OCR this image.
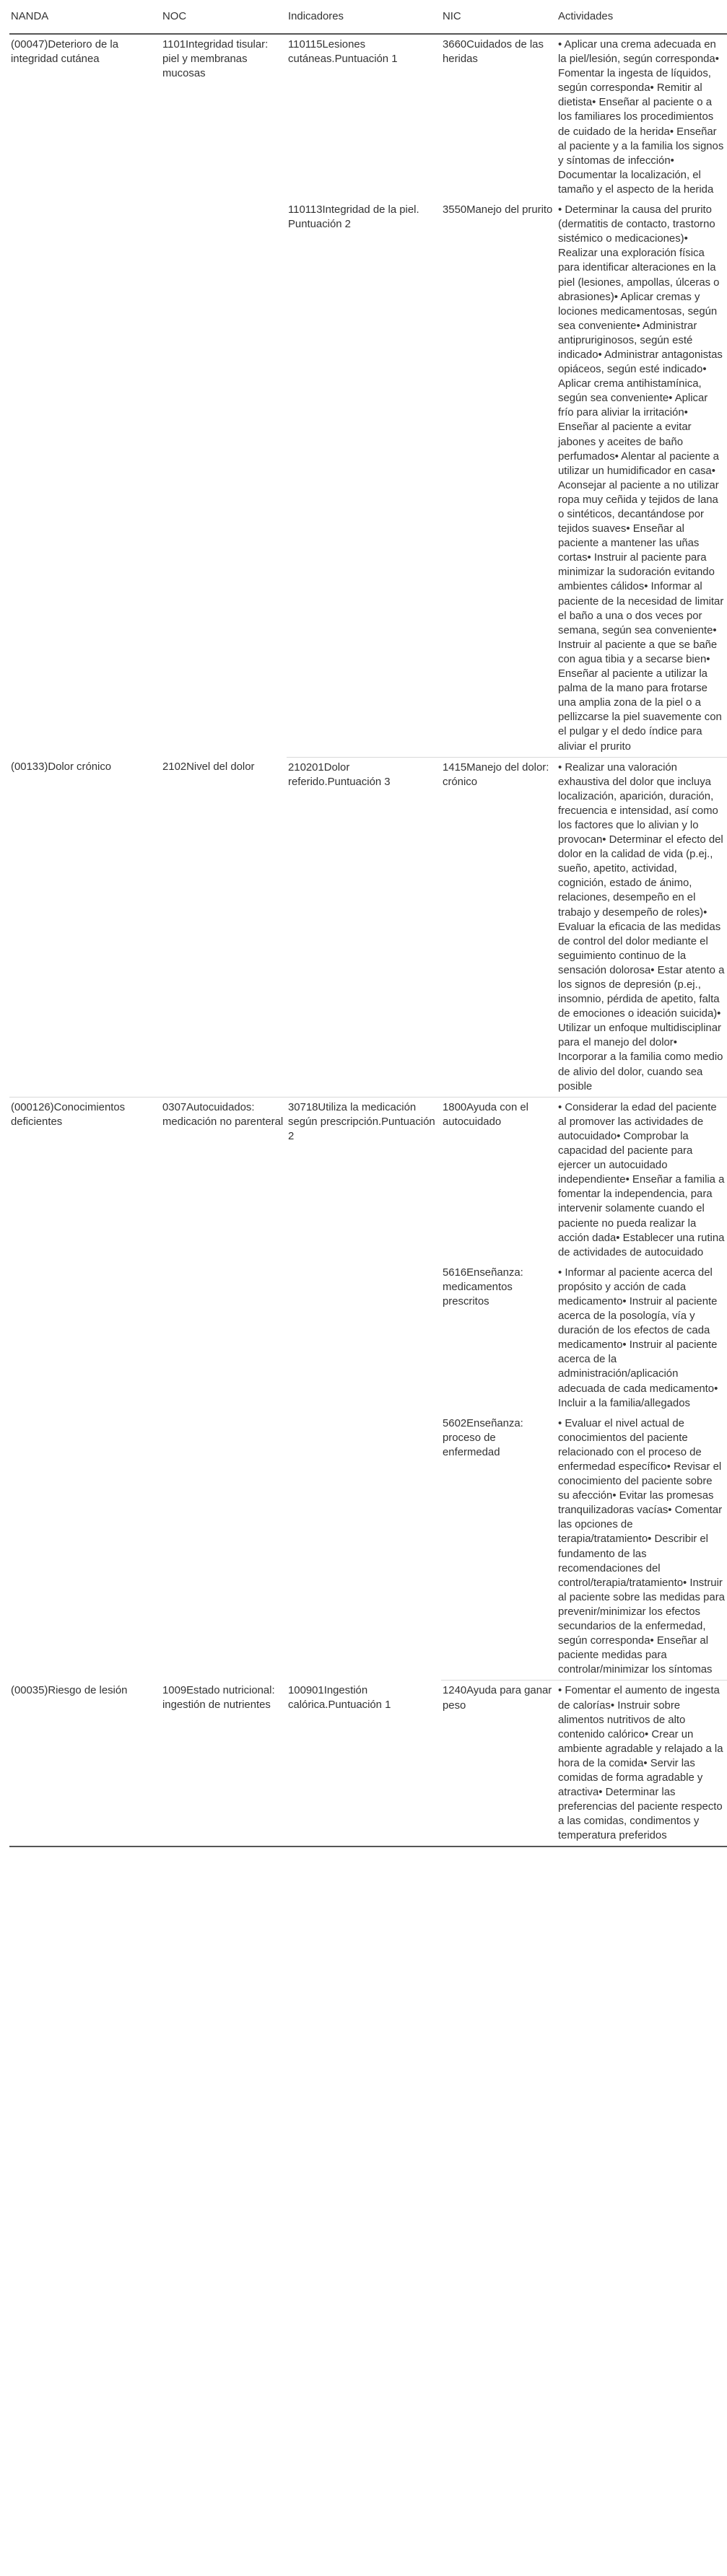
NANDA	NOC	Indicadores	NIC	Actividades
(00047)Deterioro de la integridad cutánea	1101Integridad tisular: piel y membranas mucosas	110115Lesiones cutáneas.Puntuación 1	3660Cuidados de las heridas	• Aplicar una crema adecuada en la piel/lesión, según corresponda• Fomentar la ingesta de líquidos, según corresponda• Remitir al dietista• Enseñar al paciente o a los familiares los procedimientos de cuidado de la herida• Enseñar al paciente y a la familia los signos y síntomas de infección• Documentar la localización, el tamaño y el aspecto de la herida
		110113Integridad de la piel. Puntuación 2	3550Manejo del prurito	• Determinar la causa del prurito (dermatitis de contacto, trastorno sistémico o medicaciones)• Realizar una exploración física para identificar alteraciones en la piel (lesiones, ampollas, úlceras o abrasiones)• Aplicar cremas y lociones medicamentosas, según sea conveniente• Administrar antipruriginosos, según esté indicado• Administrar antagonistas opiáceos, según esté indicado• Aplicar crema antihistamínica, según sea conveniente• Aplicar frío para aliviar la irritación• Enseñar al paciente a evitar jabones y aceites de baño perfumados• Alentar al paciente a utilizar un humidificador en casa• Aconsejar al paciente a no utilizar ropa muy ceñida y tejidos de lana o sintéticos, decantándose por tejidos suaves• Enseñar al paciente a mantener las uñas cortas• Instruir al paciente para minimizar la sudoración evitando ambientes cálidos• Informar al paciente de la necesidad de limitar el baño a una o dos veces por semana, según sea conveniente• Instruir al paciente a que se bañe con agua tibia y a secarse bien• Enseñar al paciente a utilizar la palma de la mano para frotarse una amplia zona de la piel o a pellizcarse la piel suavemente con el pulgar y el dedo índice para aliviar el prurito
(00133)Dolor crónico	2102Nivel del dolor	210201Dolor referido.Puntuación 3	1415Manejo del dolor: crónico	• Realizar una valoración exhaustiva del dolor que incluya localización, aparición, duración, frecuencia e intensidad, así como los factores que lo alivian y lo provocan• Determinar el efecto del dolor en la calidad de vida (p.ej., sueño, apetito, actividad, cognición, estado de ánimo, relaciones, desempeño en el trabajo y desempeño de roles)• Evaluar la eficacia de las medidas de control del dolor mediante el seguimiento continuo de la sensación dolorosa• Estar atento a los signos de depresión (p.ej., insomnio, pérdida de apetito, falta de emociones o ideación suicida)• Utilizar un enfoque multidisciplinar para el manejo del dolor• Incorporar a la familia como medio de alivio del dolor, cuando sea posible
(000126)Conocimientos deficientes	0307Autocuidados: medicación no parenteral	30718Utiliza la medicación según prescripción.Puntuación 2	1800Ayuda con el autocuidado	• Considerar la edad del paciente al promover las actividades de autocuidado• Comprobar la capacidad del paciente para ejercer un autocuidado independiente• Enseñar a familia a fomentar la independencia, para intervenir solamente cuando el paciente no pueda realizar la acción dada• Establecer una rutina de actividades de autocuidado
			5616Enseñanza: medicamentos prescritos	• Informar al paciente acerca del propósito y acción de cada medicamento• Instruir al paciente acerca de la posología, vía y duración de los efectos de cada medicamento• Instruir al paciente acerca de la administración/aplicación adecuada de cada medicamento• Incluir a la familia/allegados
			5602Enseñanza: proceso de enfermedad	• Evaluar el nivel actual de conocimientos del paciente relacionado con el proceso de enfermedad específico• Revisar el conocimiento del paciente sobre su afección• Evitar las promesas tranquilizadoras vacías• Comentar las opciones de terapia/tratamiento• Describir el fundamento de las recomendaciones del control/terapia/tratamiento• Instruir al paciente sobre las medidas para prevenir/minimizar los efectos secundarios de la enfermedad, según corresponda• Enseñar al paciente medidas para controlar/minimizar los síntomas
(00035)Riesgo de lesión	1009Estado nutricional: ingestión de nutrientes	100901Ingestión calórica.Puntuación 1	1240Ayuda para ganar peso	• Fomentar el aumento de ingesta de calorías• Instruir sobre alimentos nutritivos de alto contenido calórico• Crear un ambiente agradable y relajado a la hora de la comida• Servir las comidas de forma agradable y atractiva• Determinar las preferencias del paciente respecto a las comidas, condimentos y temperatura preferidos
